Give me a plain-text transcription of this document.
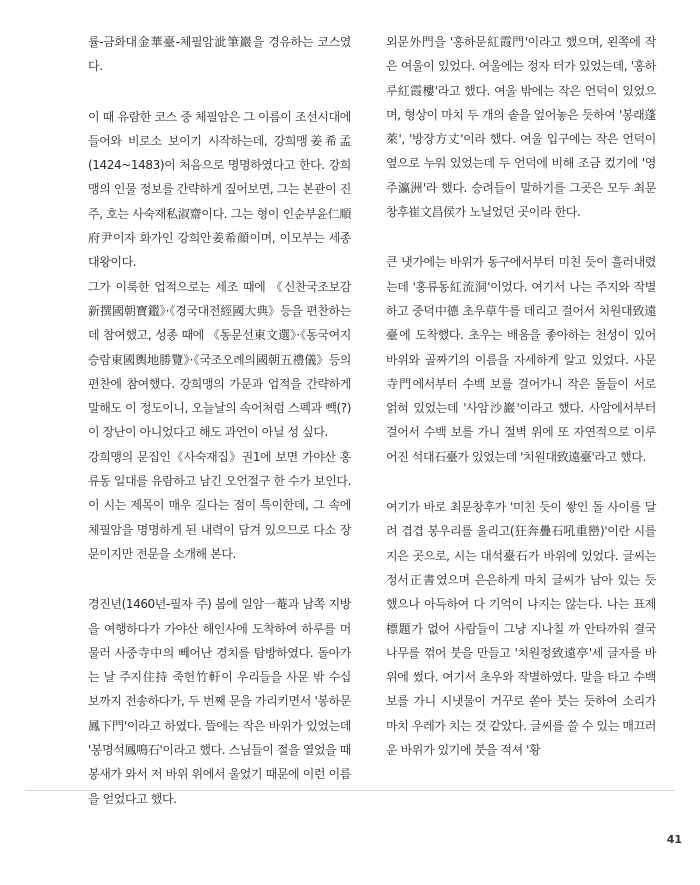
률-금화대金華臺-체필암泚筆巖을 경유하는 코스였다.

이 때 유람한 코스 중 체필암은 그 이름이 조선시대에 들어와 비로소 보이기 시작하는데, 강희맹姜希孟(1424~1483)이 처음으로 명명하였다고 한다. 강희맹의 인물 정보를 간략하게 짚어보면, 그는 본관이 진주, 호는 사숙재私淑齋이다. 그는 형이 인순부윤仁順府尹이자 화가인 강희안姜希顔이며, 이모부는 세종대왕이다.

그가 이룩한 업적으로는 세조 때에 《신찬국조보감新撰國朝寶鑑》·《경국대전經國大典》등을 편찬하는데 참여했고, 성종 때에 《동문선東文選》·《동국여지승람東國輿地勝覽》·《국조오례의國朝五禮儀》등의 편찬에 참여했다. 강희맹의 가문과 업적을 간략하게 말해도 이 정도이니, 오늘날의 속어처럼 스펙과 빽(?)이 장난이 아니었다고 해도 과언이 아닐 성 싶다.

강희맹의 문집인《사숙재집》권1에 보면 가야산 홍류동 일대를 유람하고 남긴 오언절구 한 수가 보인다. 이 시는 제목이 매우 길다는 점이 특이한데, 그 속에 체필암을 명명하게 된 내력이 담겨 있으므로 다소 장문이지만 전문을 소개해 본다.

경진년(1460년-필자 주) 봄에 일암一菴과 남쪽 지방을 여행하다가 가야산 해인사에 도착하여 하루를 머물러 사중寺中의 빼어난 경치를 탐방하였다. 돌아가는 날 주지住持 죽헌竹軒이 우리들을 사문 밖 수십 보까지 전송하다가, 두 번째 문을 가리키면서 '봉하문鳳下門'이라고 하였다. 뜰에는 작은 바위가 있었는데 '봉명석鳳鳴石'이라고 했다. 스님들이 절을 열었을 때 봉새가 와서 저 바위 위에서 울었기 때문에 이런 이름을 얻었다고 했다.

외문外門을 '홍하문紅霞門'이라고 했으며, 왼쪽에 작은 여울이 있었다. 여울에는 정자 터가 있었는데, '홍하루紅霞樓'라고 했다. 여울 밖에는 작은 언덕이 있었으며, 형상이 마치 두 개의 솥을 엎어놓은 듯하여 '봉래蓬萊', '방장方丈'이라 했다. 여울 입구에는 작은 언덕이 옆으로 누워 있었는데 두 언덕에 비해 조금 컸기에 '영주瀛洲'라 했다. 승려들이 말하기를 그곳은 모두 최문창후崔文昌侯가 노닐었던 곳이라 한다.

큰 냇가에는 바위가 동구에서부터 미친 듯이 흘러내렸는데 '홍류동紅流洞'이었다. 여기서 나는 주지와 작별하고 중덕中德 초우草牛를 데리고 걸어서 치원대致遠臺에 도착했다. 초우는 배움을 좋아하는 천성이 있어 바위와 골짜기의 이름을 자세하게 알고 있었다. 사문寺門에서부터 수백 보를 걸어가니 작은 돌들이 서로 얽혀 있었는데 '사암沙巖'이라고 했다. 사암에서부터 걸어서 수백 보를 가니 절벽 위에 또 자연적으로 이루어진 석대石臺가 있었는데 '치원대致遠臺'라고 했다.

여기가 바로 최문창후가 '미친 듯이 쌓인 돌 사이를 달려 겹겹 봉우리를 울리고(狂奔疊石吼重巒)'이란 시를 지은 곳으로, 시는 대석臺石가 바위에 있었다. 글씨는 정서正書였으며 은은하게 마치 글씨가 남아 있는 듯 했으나 아득하여 다 기억이 나지는 않는다. 나는 표제標題가 없어 사람들이 그냥 지나칠 까 안타까워 결국 나무를 꺾어 붓을 만들고 '치원정致遠亭'세 글자를 바위에 썼다. 여기서 초우와 작별하였다. 말을 타고 수백 보를 가니 시냇물이 거꾸로 쏟아 붓는 듯하여 소리가 마치 우레가 치는 것 같았다. 글씨를 쓸 수 있는 매끄러운 바위가 있기에 붓을 적셔 '황

41
